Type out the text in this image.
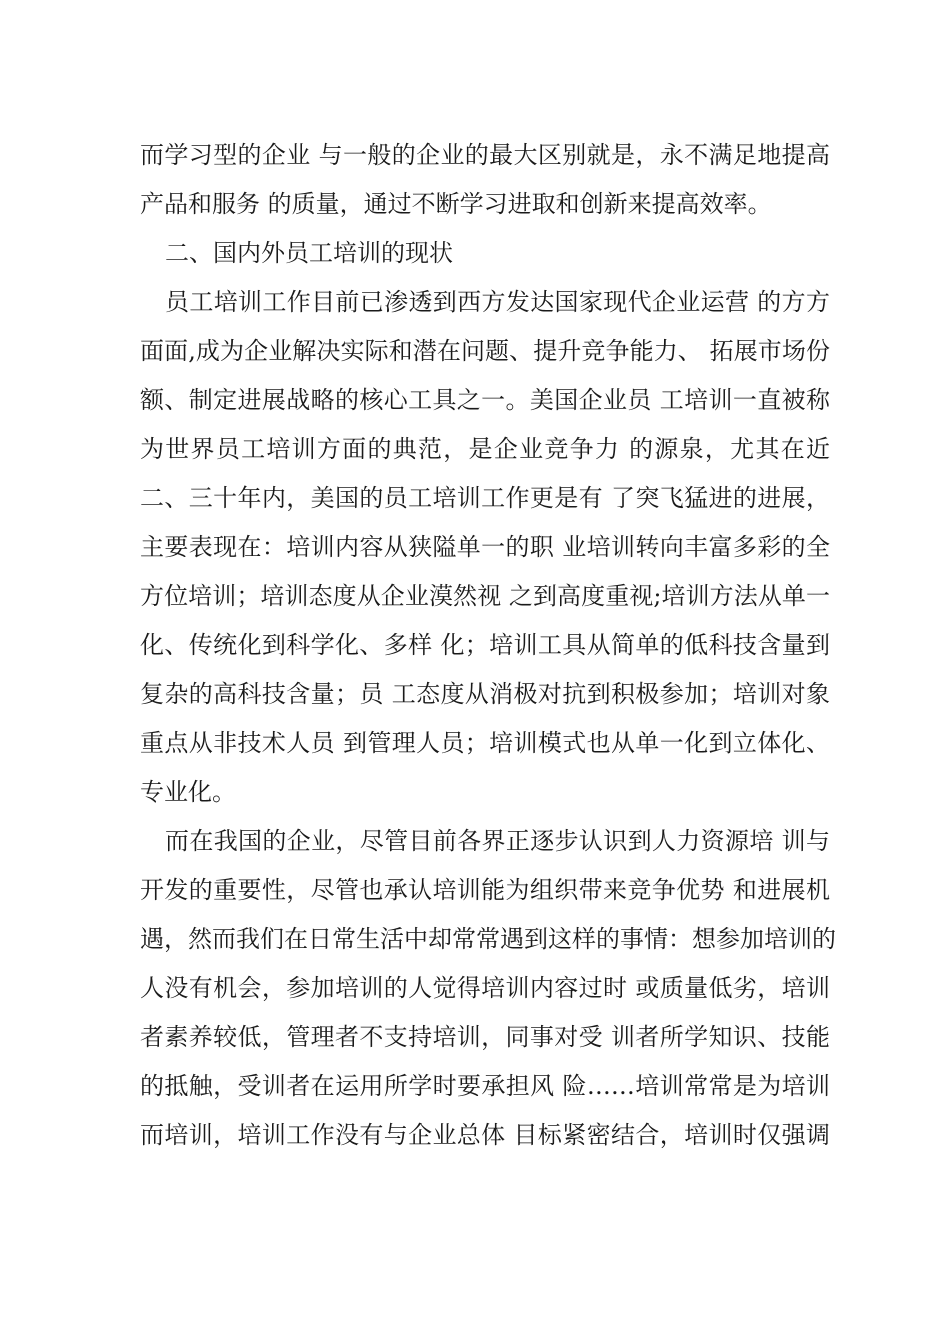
而学习型的企业 与一般的企业的最大区别就是，永不满足地提高
产品和服务 的质量，通过不断学习进取和创新来提高效率。
二、国内外员工培训的现状
员工培训工作目前已渗透到西方发达国家现代企业运营 的方方
面面,成为企业解决实际和潜在问题、提升竞争能力、 拓展市场份
额、制定进展战略的核心工具之一。美国企业员 工培训一直被称
为世界员工培训方面的典范，是企业竞争力 的源泉，尤其在近
二、三十年内，美国的员工培训工作更是有 了突飞猛进的进展，
主要表现在：培训内容从狭隘单一的职 业培训转向丰富多彩的全
方位培训；培训态度从企业漠然视 之到高度重视;培训方法从单一
化、传统化到科学化、多样 化；培训工具从简单的低科技含量到
复杂的高科技含量；员 工态度从消极对抗到积极参加；培训对象
重点从非技术人员 到管理人员；培训模式也从单一化到立体化、
专业化。
而在我国的企业，尽管目前各界正逐步认识到人力资源培 训与
开发的重要性，尽管也承认培训能为组织带来竞争优势 和进展机
遇，然而我们在日常生活中却常常遇到这样的事情：想参加培训的
人没有机会，参加培训的人觉得培训内容过时 或质量低劣，培训
者素养较低，管理者不支持培训，同事对受 训者所学知识、技能
的抵触，受训者在运用所学时要承担风 险……培训常常是为培训
而培训，培训工作没有与企业总体 目标紧密结合，培训时仅强调
